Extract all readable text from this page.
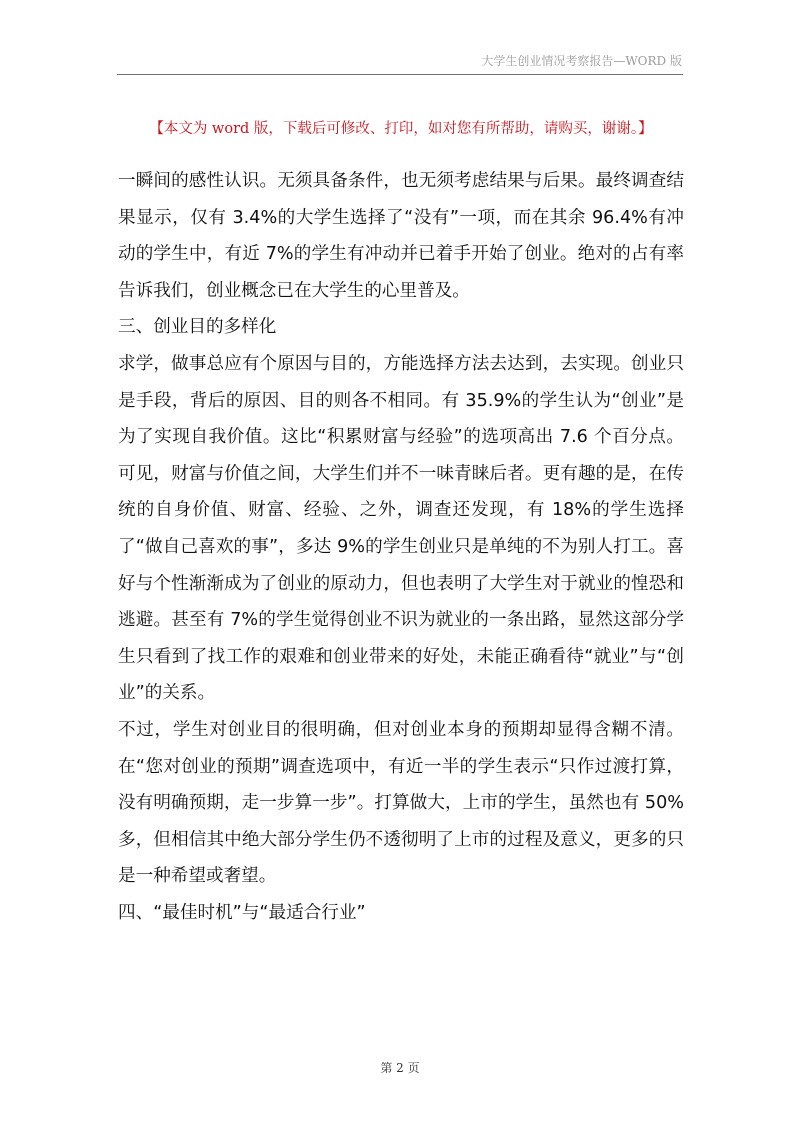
大学生创业情况考察报告—WORD 版
【本文为 word 版，下载后可修改、打印，如对您有所帮助，请购买，谢谢。】

一瞬间的感性认识。无须具备条件，也无须考虑结果与后果。最终调查结果显示，仅有 3.4%的大学生选择了“没有”一项，而在其余 96.4%有冲动的学生中，有近 7%的学生有冲动并已着手开始了创业。绝对的占有率告诉我们，创业概念已在大学生的心里普及。

三、创业目的多样化

求学，做事总应有个原因与目的，方能选择方法去达到，去实现。创业只是手段，背后的原因、目的则各不相同。有 35.9%的学生认为“创业”是为了实现自我价值。这比“积累财富与经验”的选项高出 7.6 个百分点。可见，财富与价值之间，大学生们并不一味青睐后者。更有趣的是，在传统的自身价值、财富、经验、之外，调查还发现，有 18%的学生选择了“做自己喜欢的事”，多达 9%的学生创业只是单纯的不为别人打工。喜好与个性渐渐成为了创业的原动力，但也表明了大学生对于就业的惶恐和逃避。甚至有 7%的学生觉得创业不识为就业的一条出路，显然这部分学生只看到了找工作的艰难和创业带来的好处，未能正确看待“就业”与“创业”的关系。

不过，学生对创业目的很明确，但对创业本身的预期却显得含糊不清。在“您对创业的预期”调查选项中，有近一半的学生表示“只作过渡打算，没有明确预期，走一步算一步”。打算做大，上市的学生，虽然也有 50%多，但相信其中绝大部分学生仍不透彻明了上市的过程及意义，更多的只是一种希望或奢望。

四、“最佳时机”与“最适合行业”

第 2 页
